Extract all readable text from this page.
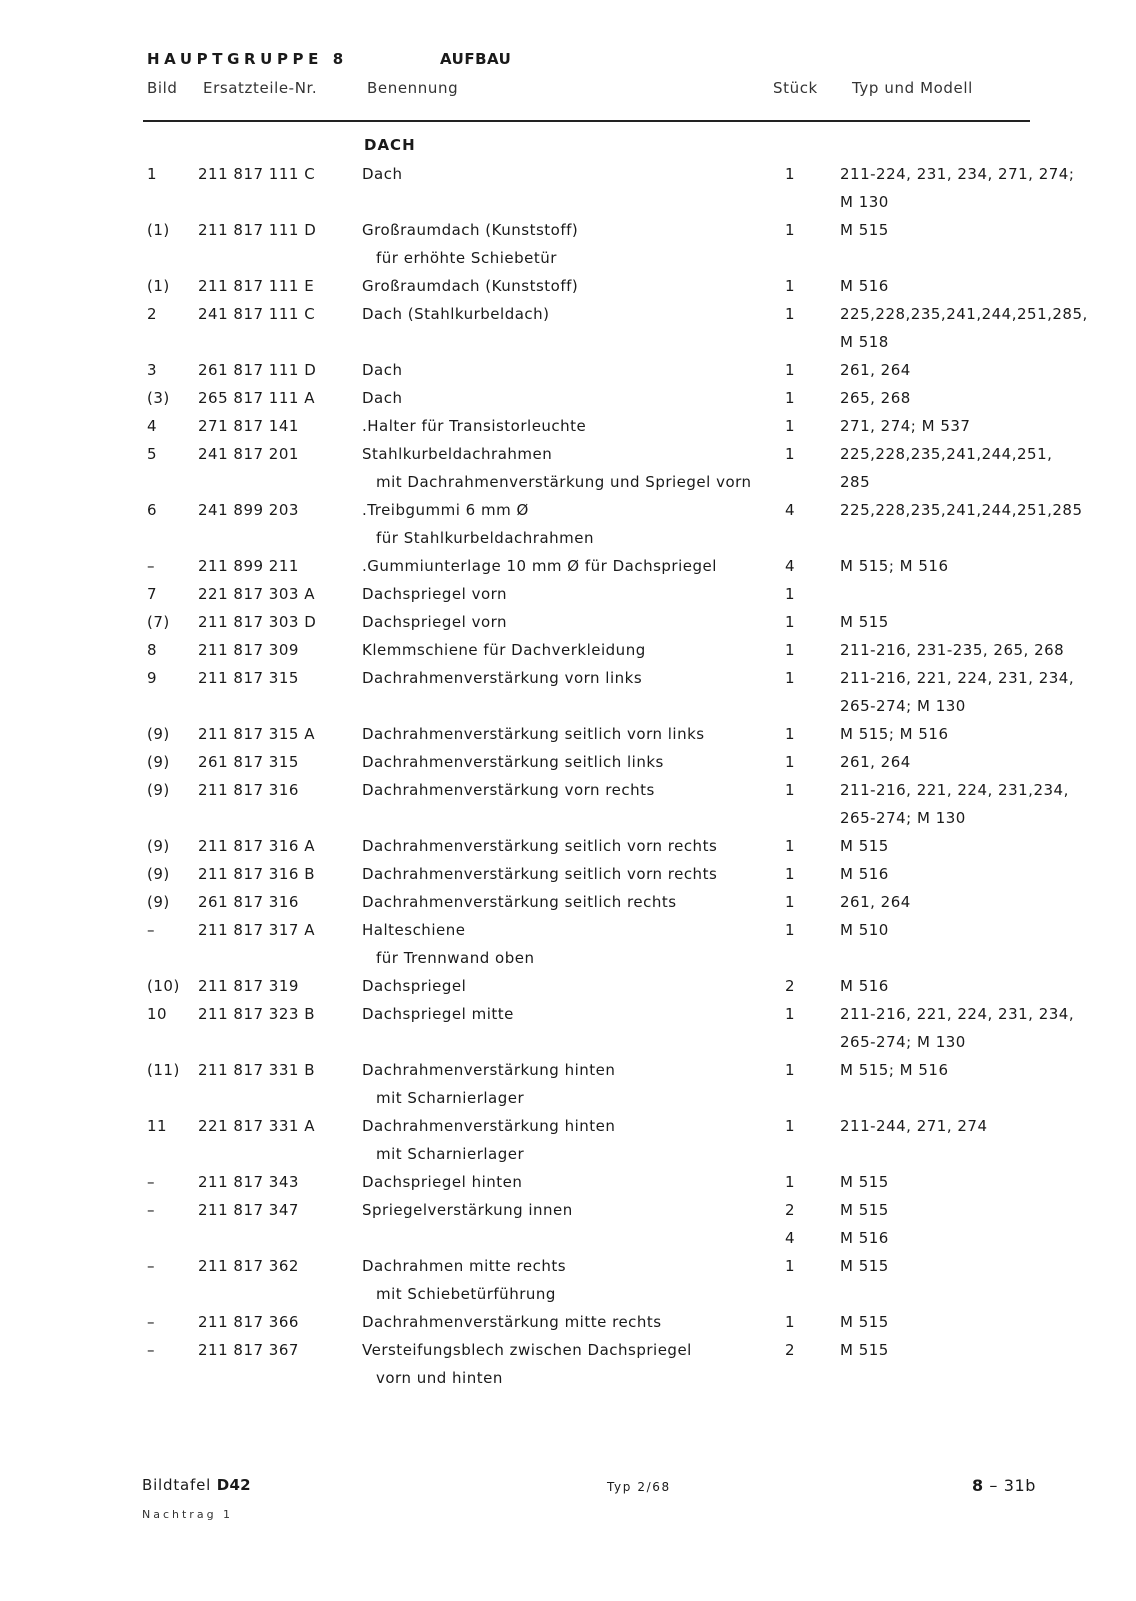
HAUPTGRUPPE 8	AUFBAU
Bild Ersatzteile-Nr.	Benennung	Stück Typ und Modell
DACH
1	211 817 111 C	Dach	1	211-224, 231, 234, 271, 274;
M 130
(1)	211 817 111 D	Großraumdach (Kunststoff)	1	M 515
für erhöhte Schiebetür
(1)	211 817 111 E	Großraumdach (Kunststoff)	1	M 516
2	241 817 111 C	Dach (Stahlkurbeldach)	1	225,228,235,241,244,251,285,
M 518
3	261 817 111 D	Dach	1	261, 264
(3)	265 817 111 A	Dach	1	265, 268
4	271 817 141	.Halter für Transistorleuchte	1	271, 274; M 537
5	241 817 201	Stahlkurbeldachrahmen	1	225,228,235,241,244,251,
mit Dachrahmenverstärkung und Spriegel vorn	285
6	241 899 203	.Treibgummi 6 mm Ø	4	225,228,235,241,244,251,285
für Stahlkurbeldachrahmen
–	211 899 211	.Gummiunterlage 10 mm Ø für Dachspriegel	4	M 515; M 516
7	221 817 303 A	Dachspriegel vorn	1
(7)	211 817 303 D	Dachspriegel vorn	1	M 515
8	211 817 309	Klemmschiene für Dachverkleidung	1	211-216, 231-235, 265, 268
9	211 817 315	Dachrahmenverstärkung vorn links	1	211-216, 221, 224, 231, 234,
265-274; M 130
(9)	211 817 315 A	Dachrahmenverstärkung seitlich vorn links	1	M 515; M 516
(9)	261 817 315	Dachrahmenverstärkung seitlich links	1	261, 264
(9)	211 817 316	Dachrahmenverstärkung vorn rechts	1	211-216, 221, 224, 231,234,
265-274; M 130
(9)	211 817 316 A	Dachrahmenverstärkung seitlich vorn rechts	1	M 515
(9)	211 817 316 B	Dachrahmenverstärkung seitlich vorn rechts	1	M 516
(9)	261 817 316	Dachrahmenverstärkung seitlich rechts	1	261, 264
–	211 817 317 A	Halteschiene	1	M 510
für Trennwand oben
(10) 211 817 319	Dachspriegel	2	M 516
10	211 817 323 B	Dachspriegel mitte	1	211-216, 221, 224, 231, 234,
265-274; M 130
(11) 211 817 331 B	Dachrahmenverstärkung hinten	1	M 515; M 516
mit Scharnierlager
11	221 817 331 A	Dachrahmenverstärkung hinten	1	211-244, 271, 274
mit Scharnierlager
–	211 817 343	Dachspriegel hinten	1	M 515
–	211 817 347	Spriegelverstärkung innen	2	M 515
4	M 516
–	211 817 362	Dachrahmen mitte rechts	1	M 515
mit Schiebetürführung
–	211 817 366	Dachrahmenverstärkung mitte rechts	1	M 515
–	211 817 367	Versteifungsblech zwischen Dachspriegel	2	M 515
vorn und hinten
Bildtafel D42	Typ 2/68	8 – 31b
Nachtrag 1
